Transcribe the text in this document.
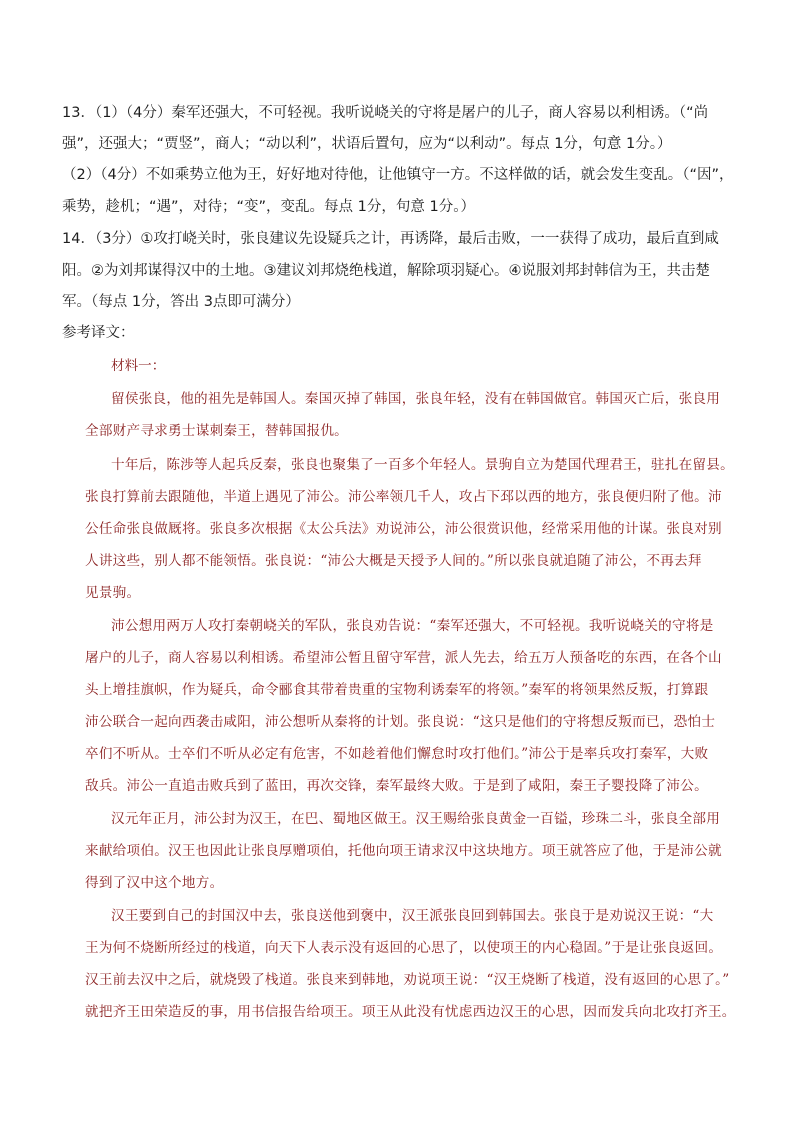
13．（1）（4分）秦军还强大，不可轻视。我听说峣关的守将是屠户的儿子，商人容易以利相诱。（“尚
强”，还强大；“贾竖”，商人；“动以利”，状语后置句，应为“以利动”。每点 1分，句意 1分。）
（2）（4分）不如乘势立他为王，好好地对待他，让他镇守一方。不这样做的话，就会发生变乱。（“因”，
乘势，趁机；“遇”，对待；“变”，变乱。每点 1分，句意 1分。）
14．（3分）①攻打峣关时，张良建议先设疑兵之计，再诱降，最后击败，一一获得了成功，最后直到咸
阳。②为刘邦谋得汉中的土地。③建议刘邦烧绝栈道，解除项羽疑心。④说服刘邦封韩信为王，共击楚
军。（每点 1分，答出 3点即可满分）
参考译文：
材料一：
留侯张良，他的祖先是韩国人。秦国灭掉了韩国，张良年轻，没有在韩国做官。韩国灭亡后，张良用
全部财产寻求勇士谋刺秦王，替韩国报仇。
十年后，陈涉等人起兵反秦，张良也聚集了一百多个年轻人。景驹自立为楚国代理君王，驻扎在留县。
张良打算前去跟随他，半道上遇见了沛公。沛公率领几千人，攻占下邳以西的地方，张良便归附了他。沛
公任命张良做厩将。张良多次根据《太公兵法》劝说沛公，沛公很赏识他，经常采用他的计谋。张良对别
人讲这些，别人都不能领悟。张良说：“沛公大概是天授予人间的。”所以张良就追随了沛公，不再去拜
见景驹。
沛公想用两万人攻打秦朝峣关的军队，张良劝告说：“秦军还强大，不可轻视。我听说峣关的守将是
屠户的儿子，商人容易以利相诱。希望沛公暂且留守军营，派人先去，给五万人预备吃的东西，在各个山
头上增挂旗帜，作为疑兵，命令郦食其带着贵重的宝物利诱秦军的将领。”秦军的将领果然反叛，打算跟
沛公联合一起向西袭击咸阳，沛公想听从秦将的计划。张良说：“这只是他们的守将想反叛而已，恐怕士
卒们不听从。士卒们不听从必定有危害，不如趁着他们懈怠时攻打他们。”沛公于是率兵攻打秦军，大败
敌兵。沛公一直追击败兵到了蓝田，再次交锋，秦军最终大败。于是到了咸阳，秦王子婴投降了沛公。
汉元年正月，沛公封为汉王，在巴、蜀地区做王。汉王赐给张良黄金一百镒，珍珠二斗，张良全部用
来献给项伯。汉王也因此让张良厚赠项伯，托他向项王请求汉中这块地方。项王就答应了他，于是沛公就
得到了汉中这个地方。
汉王要到自己的封国汉中去，张良送他到褒中，汉王派张良回到韩国去。张良于是劝说汉王说：“大
王为何不烧断所经过的栈道，向天下人表示没有返回的心思了，以使项王的内心稳固。”于是让张良返回。
汉王前去汉中之后，就烧毁了栈道。张良来到韩地，劝说项王说：“汉王烧断了栈道，没有返回的心思了。”
就把齐王田荣造反的事，用书信报告给项王。项王从此没有忧虑西边汉王的心思，因而发兵向北攻打齐王。
